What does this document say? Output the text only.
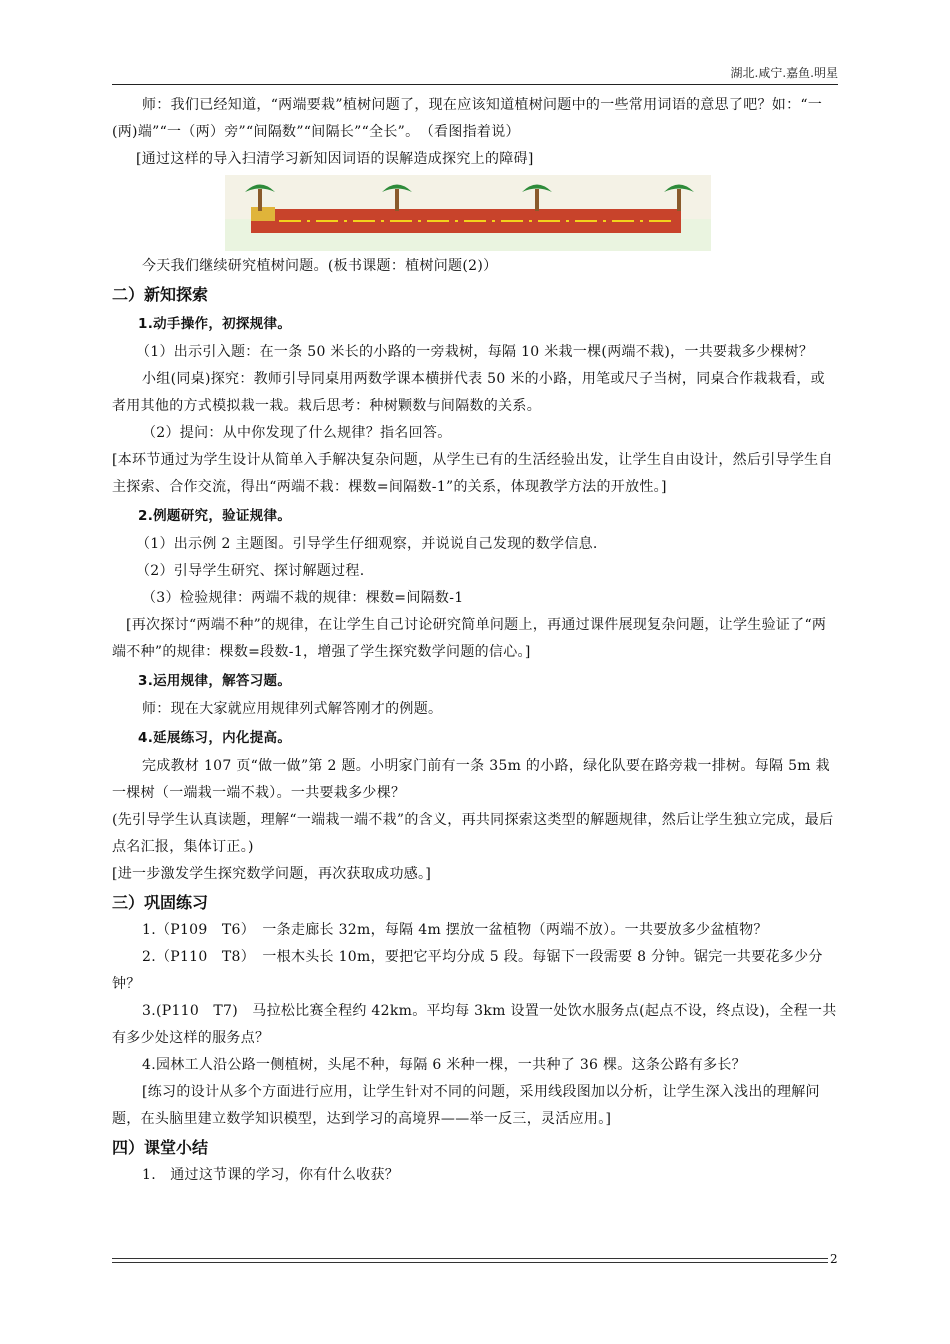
湖北.咸宁.嘉鱼.明星

师：我们已经知道，“两端要栽”植树问题了，现在应该知道植树问题中的一些常用词语的意思了吧？如：“一(两)端”“一（两）旁”“间隔数”“间隔长”“全长”。　（看图指着说）

[通过这样的导入扫清学习新知因词语的误解造成探究上的障碍]

今天我们继续研究植树问题。(板书课题：植树问题(2)）

二）新知探索

1.动手操作，初探规律。

（1）出示引入题：在一条 50 米长的小路的一旁栽树，每隔 10 米栽一棵(两端不栽)，一共要栽多少棵树？

小组(同桌)探究：教师引导同桌用两数学课本横拼代表 50 米的小路，用笔或尺子当树，同桌合作栽栽看，或者用其他的方式模拟栽一栽。栽后思考：种树颗数与间隔数的关系。

（2）提问：从中你发现了什么规律？指名回答。

[本环节通过为学生设计从简单入手解决复杂问题，从学生已有的生活经验出发，让学生自由设计，然后引导学生自主探索、合作交流，得出“两端不栽：棵数=间隔数-1”的关系，体现教学方法的开放性。]

2.例题研究，验证规律。

（1）出示例 2 主题图。引导学生仔细观察，并说说自己发现的数学信息.

（2）引导学生研究、探讨解题过程.

（3）检验规律：两端不栽的规律：棵数=间隔数-1

[再次探讨“两端不种”的规律，在让学生自己讨论研究简单问题上，再通过课件展现复杂问题，让学生验证了“两端不种”的规律：棵数=段数-1，增强了学生探究数学问题的信心。]

3.运用规律，解答习题。

师：现在大家就应用规律列式解答刚才的例题。

4.延展练习，内化提高。

完成教材 107 页“做一做”第 2 题。小明家门前有一条 35m 的小路，绿化队要在路旁栽一排树。每隔 5m 栽一棵树（一端栽一端不栽）。一共要栽多少棵？

(先引导学生认真读题，理解“一端栽一端不栽”的含义，再共同探索这类型的解题规律，然后让学生独立完成，最后点名汇报，集体订正。)

[进一步激发学生探究数学问题，再次获取成功感。]

三）巩固练习

1.（P109　T6）　一条走廊长 32m，每隔 4m 摆放一盆植物（两端不放）。一共要放多少盆植物？

2.（P110　T8）　一根木头长 10m，要把它平均分成 5 段。每锯下一段需要 8 分钟。锯完一共要花多少分钟？

3.(P110　T7)　马拉松比赛全程约 42km。平均每 3km 设置一处饮水服务点(起点不设，终点设)，全程一共有多少处这样的服务点？

4.园林工人沿公路一侧植树，头尾不种，每隔 6 米种一棵，一共种了 36 棵。这条公路有多长？

[练习的设计从多个方面进行应用，让学生针对不同的问题，采用线段图加以分析，让学生深入浅出的理解问题，在头脑里建立数学知识模型，达到学习的高境界——举一反三，灵活应用。]

四）课堂小结

1.　通过这节课的学习，你有什么收获？

2
